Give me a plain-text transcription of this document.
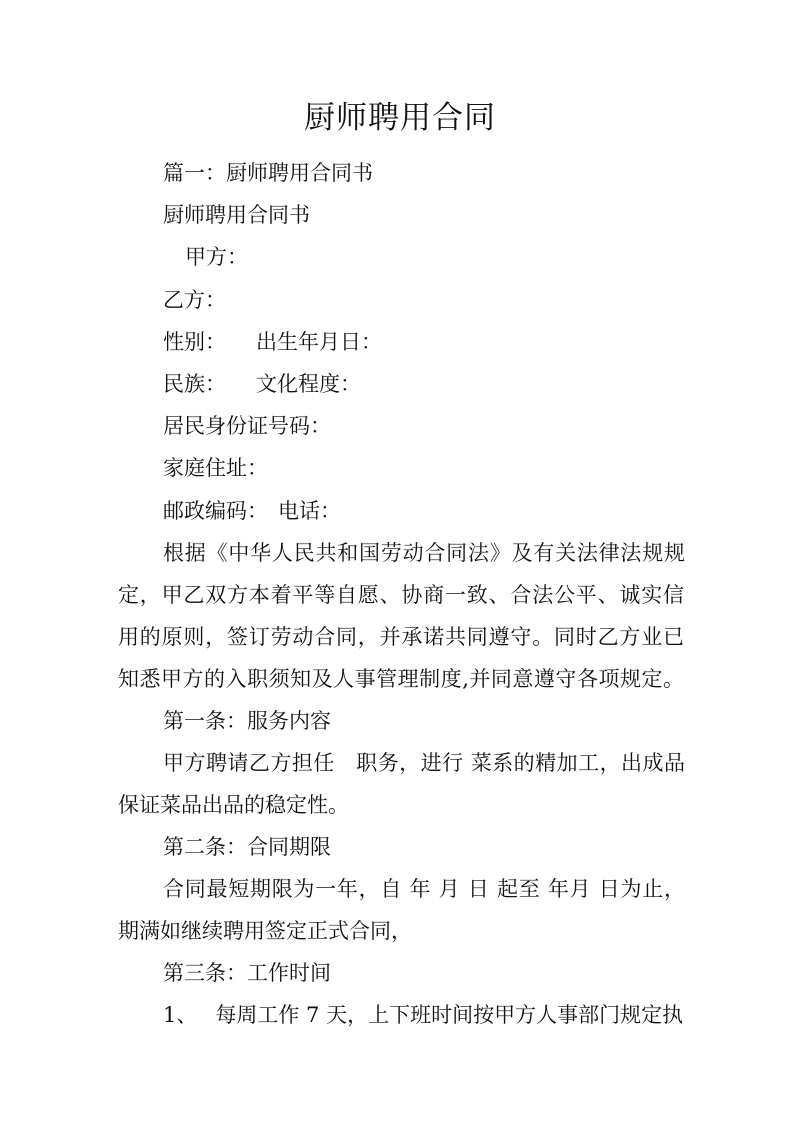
厨师聘用合同
篇一：厨师聘用合同书
厨师聘用合同书
甲方：
乙方：
性别： 出生年月日：
民族： 文化程度：
居民身份证号码：
家庭住址：
邮政编码： 电话：
根据《中华人民共和国劳动合同法》及有关法律法规规
定，甲乙双方本着平等自愿、协商一致、合法公平、诚实信
用的原则，签订劳动合同，并承诺共同遵守。同时乙方业已
知悉甲方的入职须知及人事管理制度,并同意遵守各项规定。
第一条：服务内容
甲方聘请乙方担任　职务，进行 菜系的精加工，出成品
保证菜品出品的稳定性。
第二条：合同期限
合同最短期限为一年，自 年 月 日 起至 年月 日为止，
期满如继续聘用签定正式合同，
第三条：工作时间
1、 每周工作 7 天，上下班时间按甲方人事部门规定执
